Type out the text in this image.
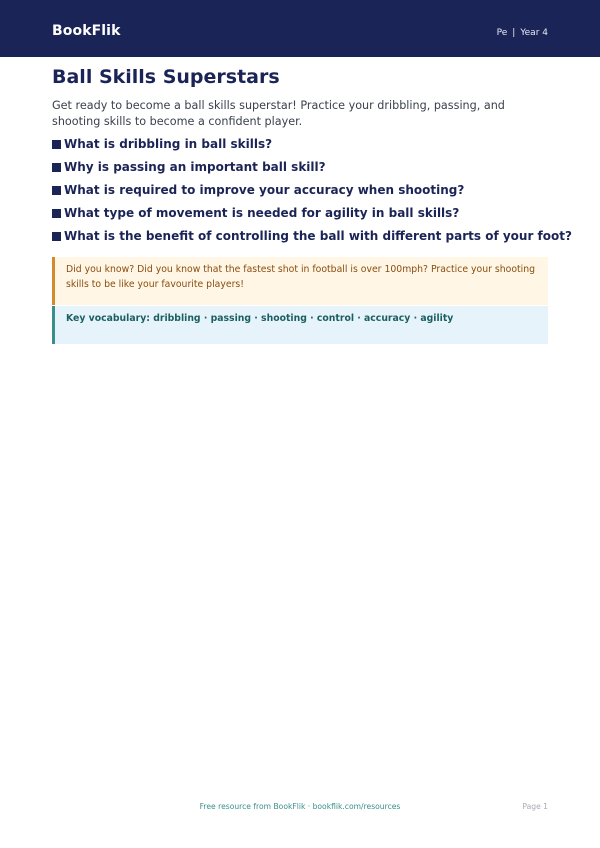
BookFlik	Pe | Year 4
Ball Skills Superstars

Get ready to become a ball skills superstar! Practice your dribbling, passing, and shooting skills to become a confident player.

What is dribbling in ball skills?
Why is passing an important ball skill?
What is required to improve your accuracy when shooting?
What type of movement is needed for agility in ball skills?
What is the benefit of controlling the ball with different parts of your foot?
Did you know? Did you know that the fastest shot in football is over 100mph? Practice your shooting skills to be like your favourite players!
Key vocabulary: dribbling · passing · shooting · control · accuracy · agility
Free resource from BookFlik · bookflik.com/resources	Page 1
